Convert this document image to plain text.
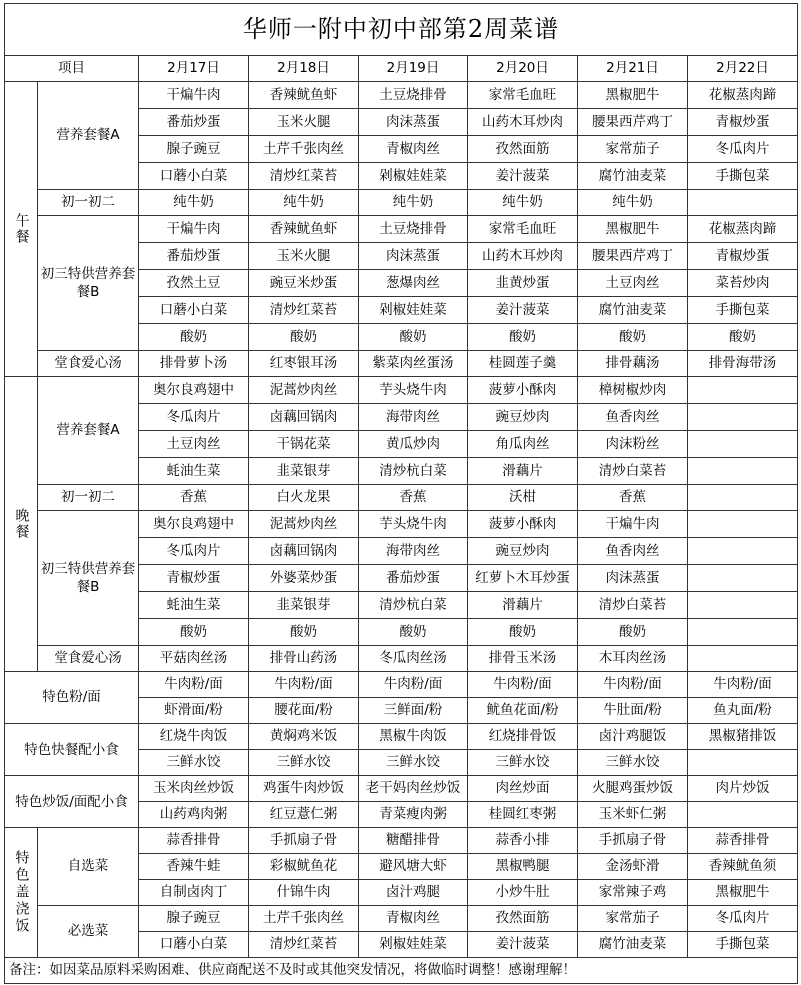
华师一附中初中部第2周菜谱							
项目		2月17日	2月18日	2月19日	2月20日	2月21日	2月22日
午餐	营养套餐A	干煸牛肉	香辣鱿鱼虾	土豆烧排骨	家常毛血旺	黑椒肥牛	花椒蒸肉蹄
		番茄炒蛋	玉米火腿	肉沫蒸蛋	山药木耳炒肉	腰果西芹鸡丁	青椒炒蛋
		腺子豌豆	土芹千张肉丝	青椒肉丝	孜然面筋	家常茄子	冬瓜肉片
		口蘑小白菜	清炒红菜苔	剁椒娃娃菜	姜汁菠菜	腐竹油麦菜	手撕包菜
	初一初二	纯牛奶	纯牛奶	纯牛奶	纯牛奶	纯牛奶	
	初三特供营养套餐B	干煸牛肉	香辣鱿鱼虾	土豆烧排骨	家常毛血旺	黑椒肥牛	花椒蒸肉蹄
		番茄炒蛋	玉米火腿	肉沫蒸蛋	山药木耳炒肉	腰果西芹鸡丁	青椒炒蛋
		孜然土豆	豌豆米炒蛋	葱爆肉丝	韭黄炒蛋	土豆肉丝	菜苔炒肉
		口蘑小白菜	清炒红菜苔	剁椒娃娃菜	姜汁菠菜	腐竹油麦菜	手撕包菜
		酸奶	酸奶	酸奶	酸奶	酸奶	酸奶
	堂食爱心汤	排骨萝卜汤	红枣银耳汤	紫菜肉丝蛋汤	桂圆莲子羹	排骨藕汤	排骨海带汤
晚餐	营养套餐A	奥尔良鸡翅中	泥蒿炒肉丝	芋头烧牛肉	菠萝小酥肉	樟树椒炒肉	
		冬瓜肉片	卤藕回锅肉	海带肉丝	豌豆炒肉	鱼香肉丝	
		土豆肉丝	干锅花菜	黄瓜炒肉	角瓜肉丝	肉沫粉丝	
		蚝油生菜	韭菜银芽	清炒杭白菜	滑藕片	清炒白菜苔	
	初一初二	香蕉	白火龙果	香蕉	沃柑	香蕉	
	初三特供营养套餐B	奥尔良鸡翅中	泥蒿炒肉丝	芋头烧牛肉	菠萝小酥肉	干煸牛肉	
		冬瓜肉片	卤藕回锅肉	海带肉丝	豌豆炒肉	鱼香肉丝	
		青椒炒蛋	外婆菜炒蛋	番茄炒蛋	红萝卜木耳炒蛋	肉沫蒸蛋	
		蚝油生菜	韭菜银芽	清炒杭白菜	滑藕片	清炒白菜苔	
		酸奶	酸奶	酸奶	酸奶	酸奶	
	堂食爱心汤	平菇肉丝汤	排骨山药汤	冬瓜肉丝汤	排骨玉米汤	木耳肉丝汤	
特色粉/面		牛肉粉/面	牛肉粉/面	牛肉粉/面	牛肉粉/面	牛肉粉/面	牛肉粉/面
		虾滑面/粉	腰花面/粉	三鲜面/粉	鱿鱼花面/粉	牛肚面/粉	鱼丸面/粉
特色快餐配小食		红烧牛肉饭	黄焖鸡米饭	黑椒牛肉饭	红烧排骨饭	卤汁鸡腿饭	黑椒猪排饭
		三鲜水饺	三鲜水饺	三鲜水饺	三鲜水饺	三鲜水饺	
特色炒饭/面配小食		玉米肉丝炒饭	鸡蛋牛肉炒饭	老干妈肉丝炒饭	肉丝炒面	火腿鸡蛋炒饭	肉片炒饭
		山药鸡肉粥	红豆薏仁粥	青菜瘦肉粥	桂圆红枣粥	玉米虾仁粥	
特色盖浇饭	自选菜	蒜香排骨	手抓扇子骨	糖醋排骨	蒜香小排	手抓扇子骨	蒜香排骨
		香辣牛蛙	彩椒鱿鱼花	避风塘大虾	黑椒鸭腿	金汤虾滑	香辣鱿鱼须
		自制卤肉丁	什锦牛肉	卤汁鸡腿	小炒牛肚	家常辣子鸡	黑椒肥牛
	必选菜	腺子豌豆	土芹千张肉丝	青椒肉丝	孜然面筋	家常茄子	冬瓜肉片
		口蘑小白菜	清炒红菜苔	剁椒娃娃菜	姜汁菠菜	腐竹油麦菜	手撕包菜
备注：如因菜品原料采购困难、供应商配送不及时或其他突发情况，将做临时调整！感谢理解！							
